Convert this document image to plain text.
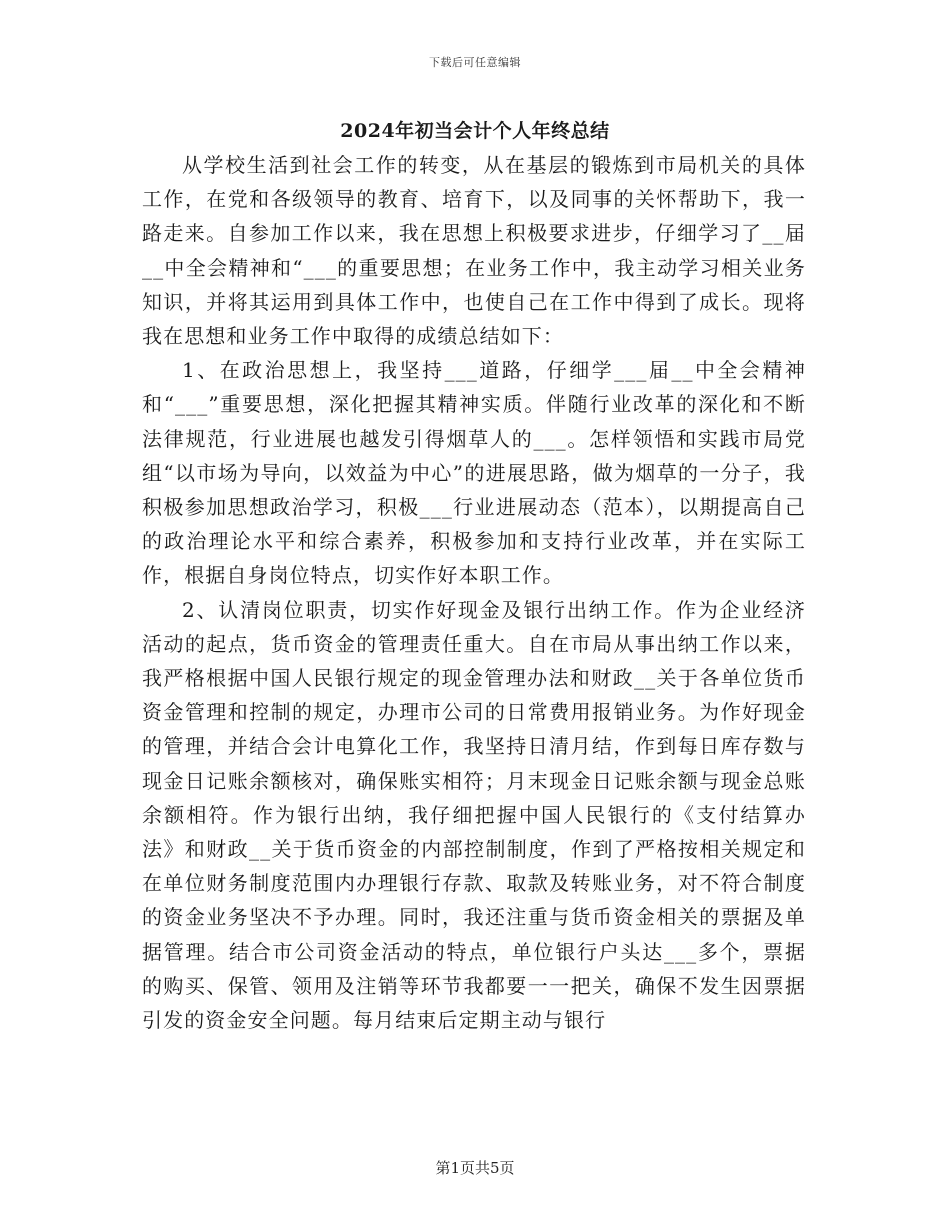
下载后可任意编辑
2024年初当会计个人年终总结

从学校生活到社会工作的转变，从在基层的锻炼到市局机关的具体工作，在党和各级领导的教育、培育下，以及同事的关怀帮助下，我一路走来。自参加工作以来，我在思想上积极要求进步，仔细学习了__届__中全会精神和“___的重要思想；在业务工作中，我主动学习相关业务知识，并将其运用到具体工作中，也使自己在工作中得到了成长。现将我在思想和业务工作中取得的成绩总结如下：

1、在政治思想上，我坚持___道路，仔细学___届__中全会精神和“___”重要思想，深化把握其精神实质。伴随行业改革的深化和不断法律规范，行业进展也越发引得烟草人的___。怎样领悟和实践市局党组“以市场为导向，以效益为中心”的进展思路，做为烟草的一分子，我积极参加思想政治学习，积极___行业进展动态（范本），以期提高自己的政治理论水平和综合素养，积极参加和支持行业改革，并在实际工作，根据自身岗位特点，切实作好本职工作。

2、认清岗位职责，切实作好现金及银行出纳工作。作为企业经济活动的起点，货币资金的管理责任重大。自在市局从事出纳工作以来，我严格根据中国人民银行规定的现金管理办法和财政__关于各单位货币资金管理和控制的规定，办理市公司的日常费用报销业务。为作好现金的管理，并结合会计电算化工作，我坚持日清月结，作到每日库存数与现金日记账余额核对，确保账实相符；月末现金日记账余额与现金总账余额相符。作为银行出纳，我仔细把握中国人民银行的《支付结算办法》和财政__关于货币资金的内部控制制度，作到了严格按相关规定和在单位财务制度范围内办理银行存款、取款及转账业务，对不符合制度的资金业务坚决不予办理。同时，我还注重与货币资金相关的票据及单据管理。结合市公司资金活动的特点，单位银行户头达___多个，票据的购买、保管、领用及注销等环节我都要一一把关，确保不发生因票据引发的资金安全问题。每月结束后定期主动与银行

第1页共5页
